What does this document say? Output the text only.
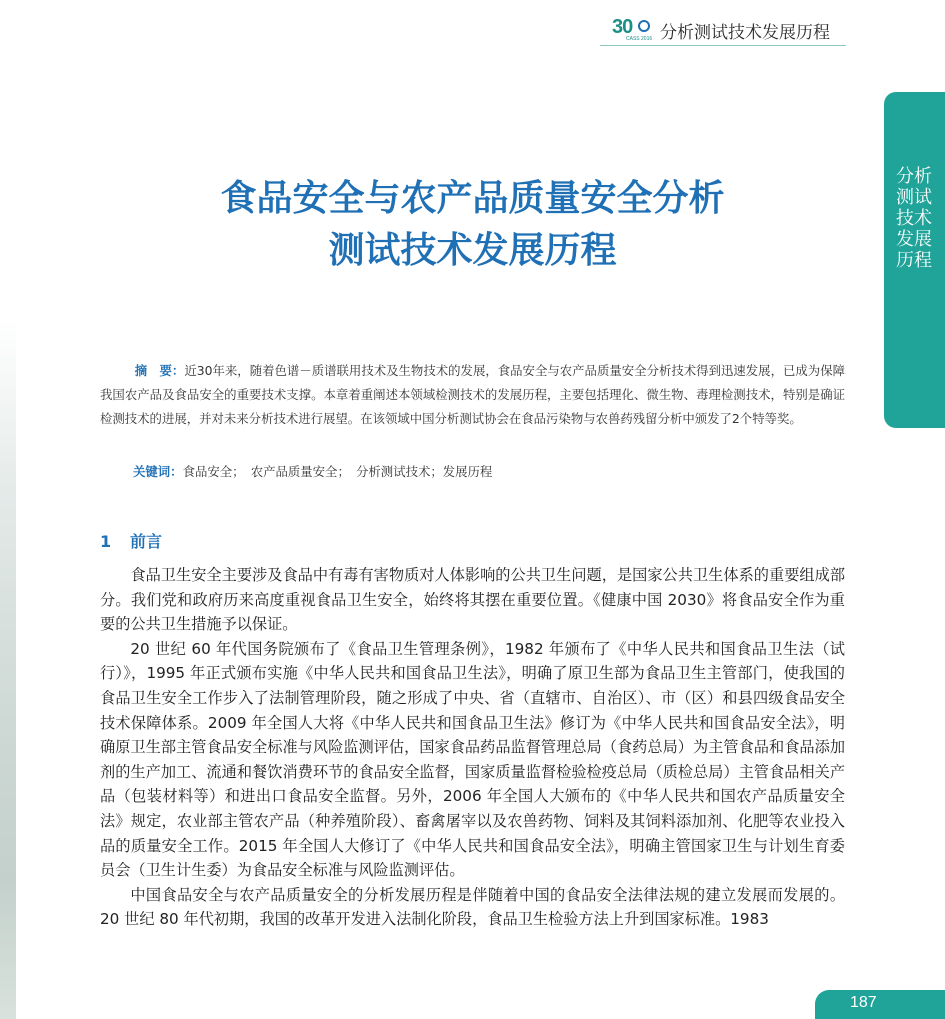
30
CASS 2016 分析测试技术发展历程
分析测试技术发展历程
食品安全与农产品质量安全分析
测试技术发展历程

摘　要：近30年来，随着色谱－质谱联用技术及生物技术的发展，食品安全与农产品质量安全分析技术得到迅速发展，已成为保障我国农产品及食品安全的重要技术支撑。本章着重阐述本领域检测技术的发展历程，主要包括理化、微生物、毒理检测技术，特别是确证检测技术的进展，并对未来分析技术进行展望。在该领域中国分析测试协会在食品污染物与农兽药残留分析中颁发了2个特等奖。

关键词：食品安全；　农产品质量安全；　分析测试技术；发展历程
1 前言

食品卫生安全主要涉及食品中有毒有害物质对人体影响的公共卫生问题，是国家公共卫生体系的重要组成部分。我们党和政府历来高度重视食品卫生安全，始终将其摆在重要位置。《健康中国 2030》将食品安全作为重要的公共卫生措施予以保证。

20 世纪 60 年代国务院颁布了《食品卫生管理条例》，1982 年颁布了《中华人民共和国食品卫生法（试行）》，1995 年正式颁布实施《中华人民共和国食品卫生法》，明确了原卫生部为食品卫生主管部门，使我国的食品卫生安全工作步入了法制管理阶段，随之形成了中央、省（直辖市、自治区）、市（区）和县四级食品安全技术保障体系。2009 年全国人大将《中华人民共和国食品卫生法》修订为《中华人民共和国食品安全法》，明确原卫生部主管食品安全标准与风险监测评估，国家食品药品监督管理总局（食药总局）为主管食品和食品添加剂的生产加工、流通和餐饮消费环节的食品安全监督，国家质量监督检验检疫总局（质检总局）主管食品相关产品（包装材料等）和进出口食品安全监督。另外，2006 年全国人大颁布的《中华人民共和国农产品质量安全法》规定，农业部主管农产品（种养殖阶段）、畜禽屠宰以及农兽药物、饲料及其饲料添加剂、化肥等农业投入品的质量安全工作。2015 年全国人大修订了《中华人民共和国食品安全法》，明确主管国家卫生与计划生育委员会（卫生计生委）为食品安全标准与风险监测评估。

中国食品安全与农产品质量安全的分析发展历程是伴随着中国的食品安全法律法规的建立发展而发展的。20 世纪 80 年代初期，我国的改革开发进入法制化阶段，食品卫生检验方法上升到国家标准。1983

187
